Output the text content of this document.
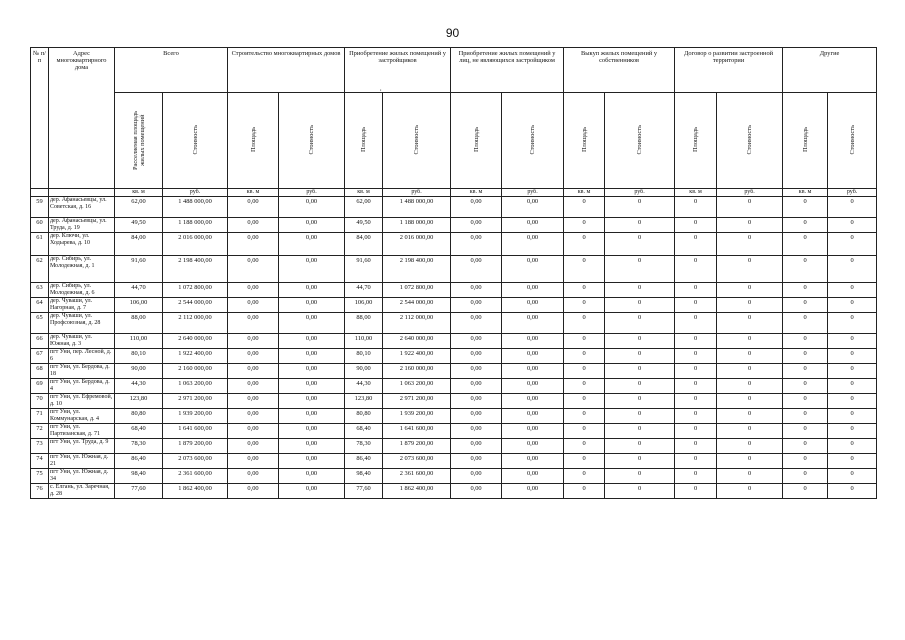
90
,
№ п/п	Адрес многоквартирного дома	Всего		Строительство многоквартирных домов		Приобретение жилых помещений у застройщиков		Приобретение жилых помещений у лиц, не являющихся застройщиком		Выкуп жилых помещений у собственников		Договор о развитии застроенной территории		Другие	
		Расселяемая площадь жилых помещений	Стоимость	Площадь	Стоимость	Площадь	Стоимость	Площадь	Стоимость	Площадь	Стоимость	Площадь	Стоимость	Площадь	Стоимость
		кв. м	руб.	кв. м	руб.	кв. м	руб.	кв. м	руб.	кв. м	руб.	кв. м	руб.	кв. м	руб.
59	дер. Афанасьевцы, ул. Советская, д. 16	62,00	1 488 000,00	0,00	0,00	62,00	1 488 000,00	0,00	0,00	0	0	0	0	0	0
60	дер. Афанасьевцы, ул. Труда, д. 19	49,50	1 188 000,00	0,00	0,00	49,50	1 188 000,00	0,00	0,00	0	0	0	0	0	0
61	дер. Ключи, ул. Ходырева, д. 10	84,00	2 016 000,00	0,00	0,00	84,00	2 016 000,00	0,00	0,00	0	0	0	0	0	0
62	дер. Сибирь, ул. Молодежная, д. 1	91,60	2 198 400,00	0,00	0,00	91,60	2 198 400,00	0,00	0,00	0	0	0	0	0	0
63	дер. Сибирь, ул. Молодежная, д. 6	44,70	1 072 800,00	0,00	0,00	44,70	1 072 800,00	0,00	0,00	0	0	0	0	0	0
64	дер. Чуваши, ул. Нагорная, д. 7	106,00	2 544 000,00	0,00	0,00	106,00	2 544 000,00	0,00	0,00	0	0	0	0	0	0
65	дер. Чуваши, ул. Профсоюзная, д. 28	88,00	2 112 000,00	0,00	0,00	88,00	2 112 000,00	0,00	0,00	0	0	0	0	0	0
66	дер. Чуваши, ул. Южная, д. 3	110,00	2 640 000,00	0,00	0,00	110,00	2 640 000,00	0,00	0,00	0	0	0	0	0	0
67	пгт Уни, пер. Лесной, д. 6	80,10	1 922 400,00	0,00	0,00	80,10	1 922 400,00	0,00	0,00	0	0	0	0	0	0
68	пгт Уни, ул. Бердова, д. 18	90,00	2 160 000,00	0,00	0,00	90,00	2 160 000,00	0,00	0,00	0	0	0	0	0	0
69	пгт Уни, ул. Бердова, д. 4	44,30	1 063 200,00	0,00	0,00	44,30	1 063 200,00	0,00	0,00	0	0	0	0	0	0
70	пгт Уни, ул. Ефремовой, д. 10	123,80	2 971 200,00	0,00	0,00	123,80	2 971 200,00	0,00	0,00	0	0	0	0	0	0
71	пгт Уни, ул. Коммунарская, д. 4	80,80	1 939 200,00	0,00	0,00	80,80	1 939 200,00	0,00	0,00	0	0	0	0	0	0
72	пгт Уни, ул. Партизанская, д. 71	68,40	1 641 600,00	0,00	0,00	68,40	1 641 600,00	0,00	0,00	0	0	0	0	0	0
73	пгт Уни, ул. Труда, д. 9	78,30	1 879 200,00	0,00	0,00	78,30	1 879 200,00	0,00	0,00	0	0	0	0	0	0
74	пгт Уни, ул. Южная, д. 21	86,40	2 073 600,00	0,00	0,00	86,40	2 073 600,00	0,00	0,00	0	0	0	0	0	0
75	пгт Уни, ул. Южная, д. 34	98,40	2 361 600,00	0,00	0,00	98,40	2 361 600,00	0,00	0,00	0	0	0	0	0	0
76	с. Елгань, ул. Заречная, д. 28	77,60	1 862 400,00	0,00	0,00	77,60	1 862 400,00	0,00	0,00	0	0	0	0	0	0
